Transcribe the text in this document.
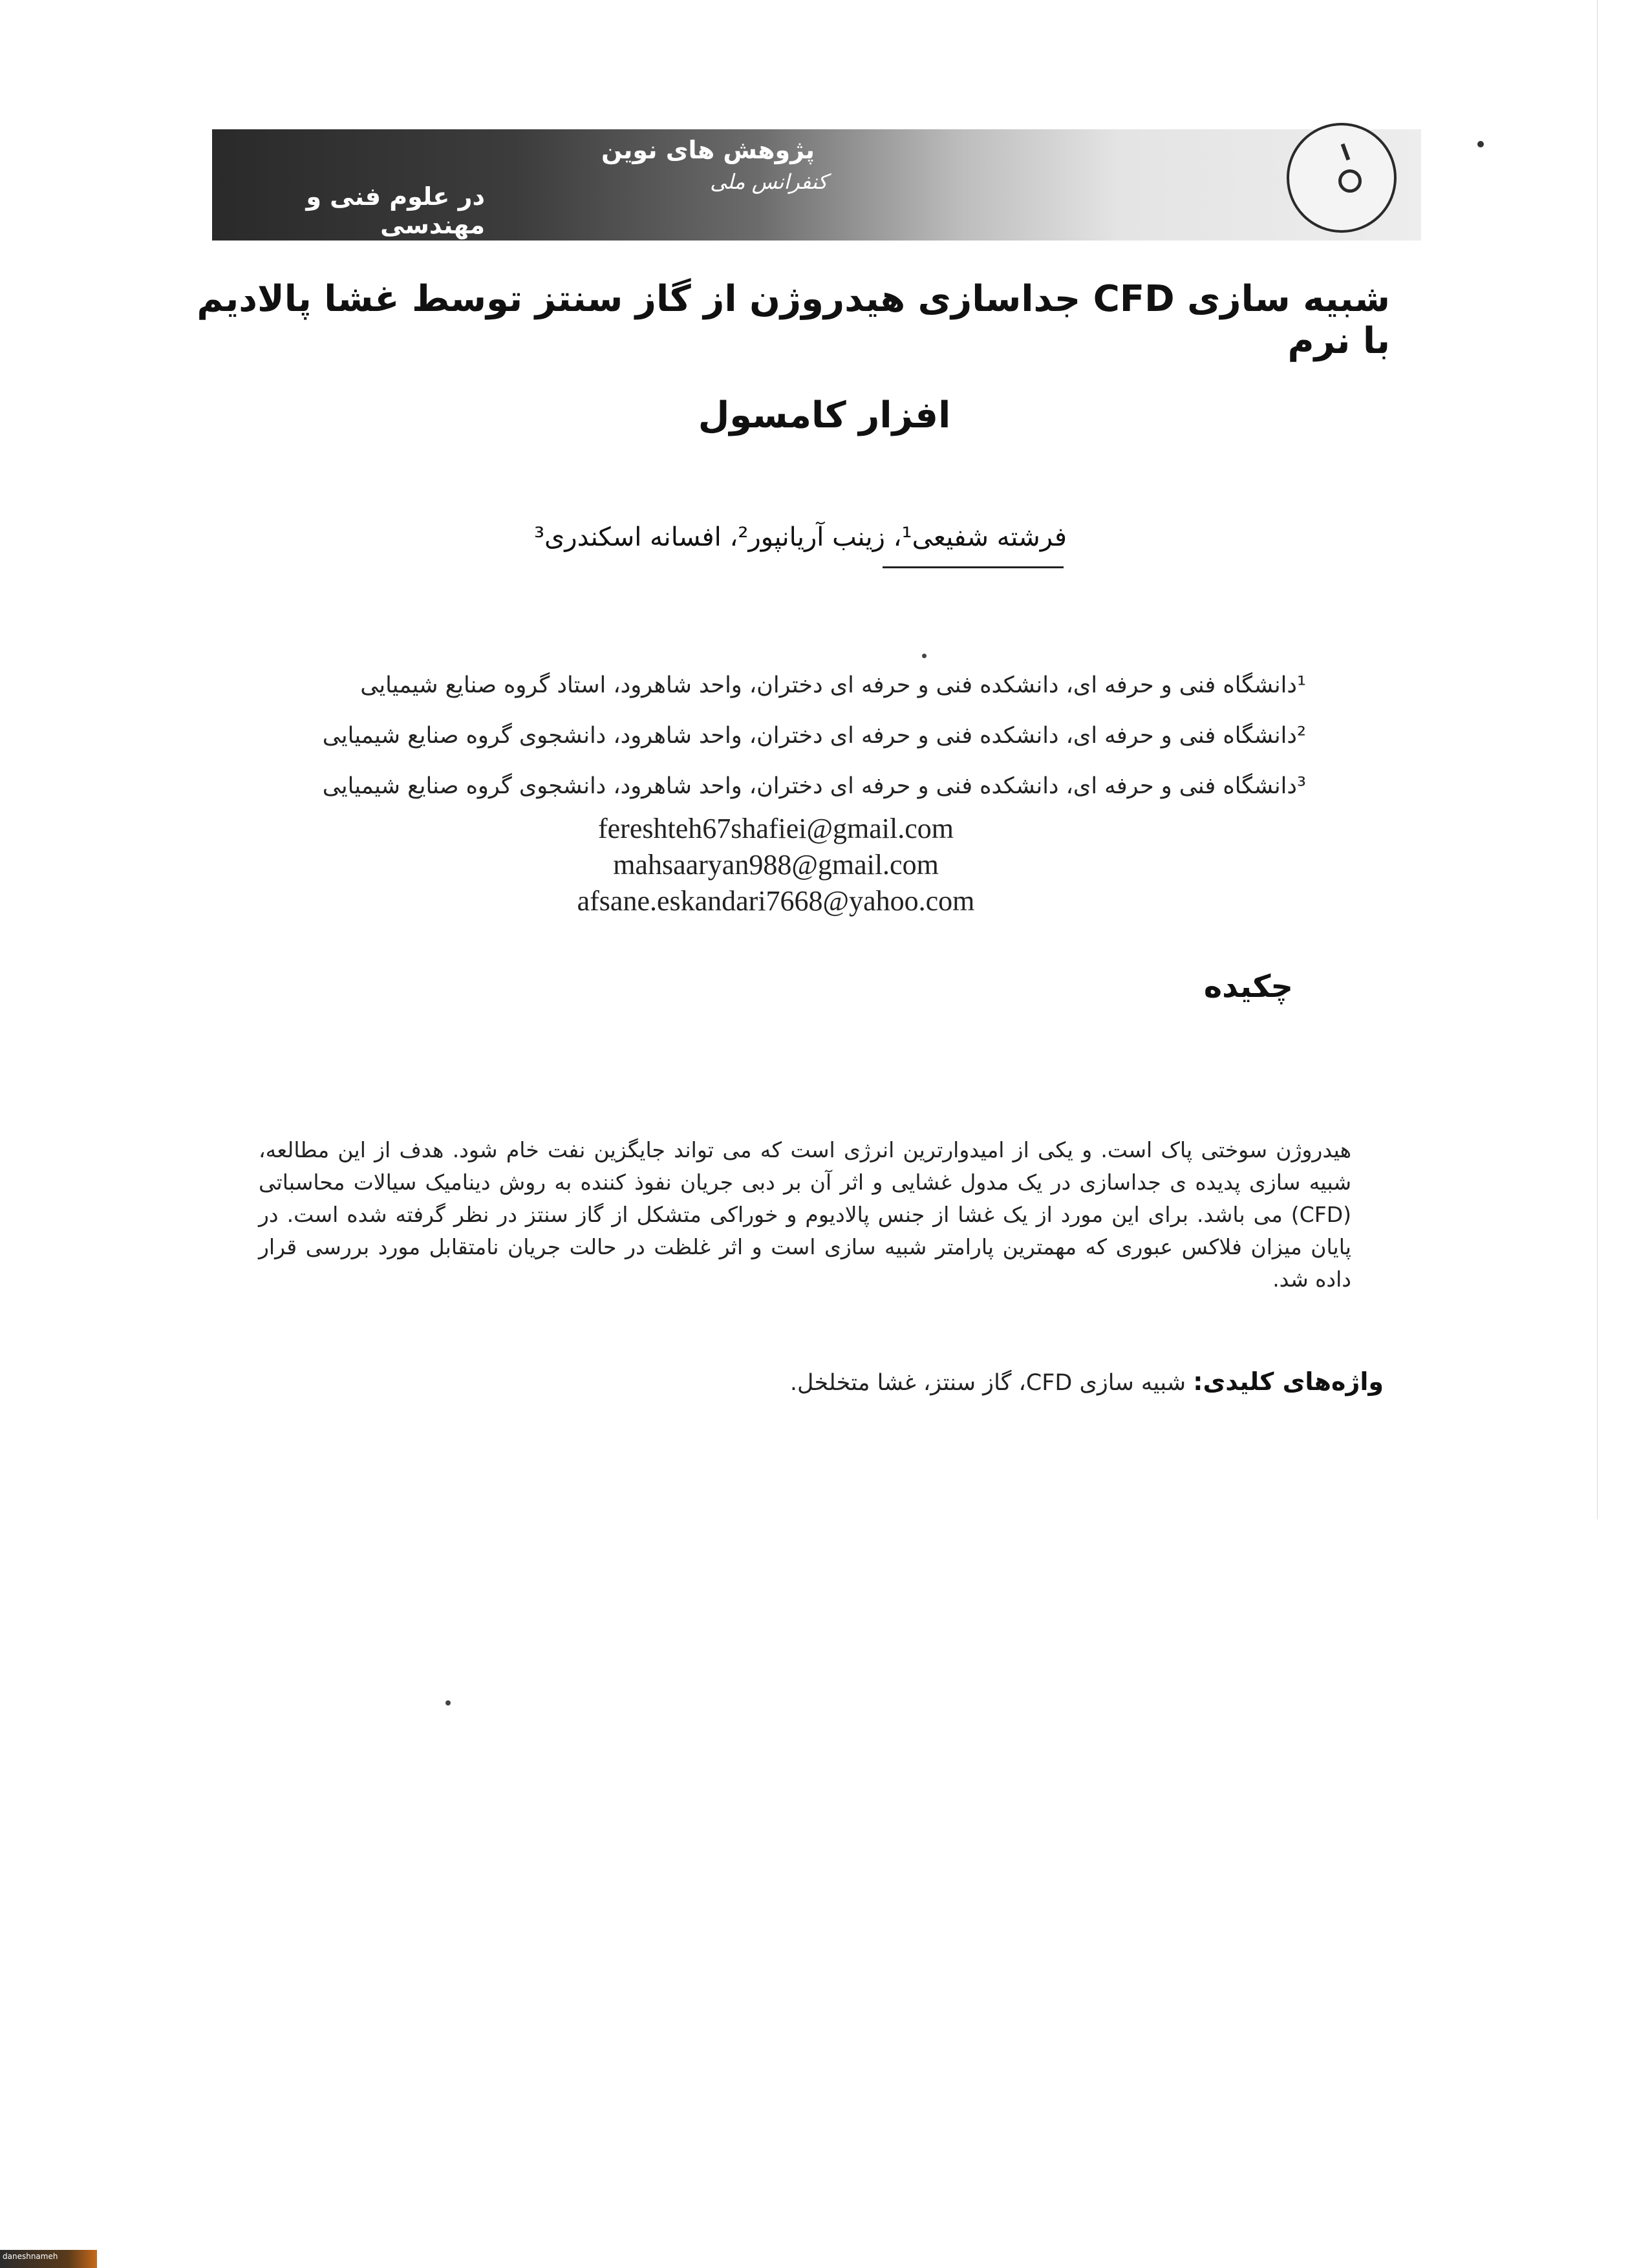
پژوهش های نوین
کنفرانس ملی
در علوم فنی و مهندسی
شبیه سازی CFD جداسازی هیدروژن از گاز سنتز توسط غشا پالادیم با نرم
افزار کامسول
فرشته شفیعی¹، زینب آریانپور²، افسانه اسکندری³
¹دانشگاه فنی و حرفه ای، دانشکده فنی و حرفه ای دختران، واحد شاهرود، استاد گروه صنایع شیمیایی
²دانشگاه فنی و حرفه ای، دانشکده فنی و حرفه ای دختران، واحد شاهرود، دانشجوی گروه صنایع شیمیایی
³دانشگاه فنی و حرفه ای، دانشکده فنی و حرفه ای دختران، واحد شاهرود، دانشجوی گروه صنایع شیمیایی
fereshteh67shafiei@gmail.com
mahsaaryan988@gmail.com
afsane.eskandari7668@yahoo.com
چکیده
هیدروژن سوختی پاک است. و یکی از امیدوارترین انرژی است که می تواند جایگزین نفت خام شود. هدف از این مطالعه، شبیه سازی پدیده ی جداسازی در یک مدول غشایی و اثر آن بر دبی جریان نفوذ کننده به روش دینامیک سیالات محاسباتی (CFD) می باشد. برای این مورد از یک غشا از جنس پالادیوم و خوراکی متشکل از گاز سنتز در نظر گرفته شده است. در پایان میزان فلاکس عبوری که مهمترین پارامتر شبیه سازی است و اثر غلظت در حالت جریان نامتقابل مورد بررسی قرار داده شد.
واژه‌های کلیدی: شبیه سازی CFD، گاز سنتز، غشا متخلخل.
daneshnameh
